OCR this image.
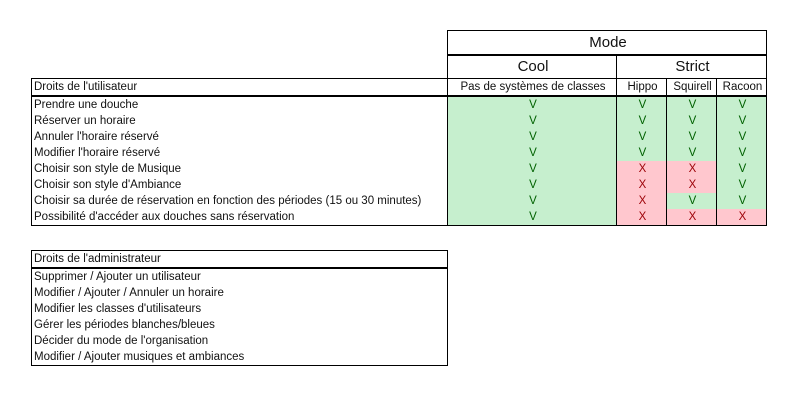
	Mode			
	Cool	Strict		
Droits de l'utilisateur	Pas de systèmes de classes	Hippo	Squirell	Racoon
Prendre une douche	V	V	V	V
Réserver un horaire	V	V	V	V
Annuler l'horaire réservé	V	V	V	V
Modifier l'horaire réservé	V	V	V	V
Choisir son style de Musique	V	X	X	V
Choisir son style d'Ambiance	V	X	X	V
Choisir sa durée de réservation en fonction des périodes (15 ou 30 minutes)	V	X	V	V
Possibilité d'accéder aux douches sans réservation	V	X	X	X
Droits de l'administrateur
Supprimer / Ajouter un utilisateur
Modifier / Ajouter / Annuler un horaire
Modifier les classes d'utilisateurs
Gérer les périodes blanches/bleues
Décider du mode de l'organisation
Modifier / Ajouter musiques et ambiances
